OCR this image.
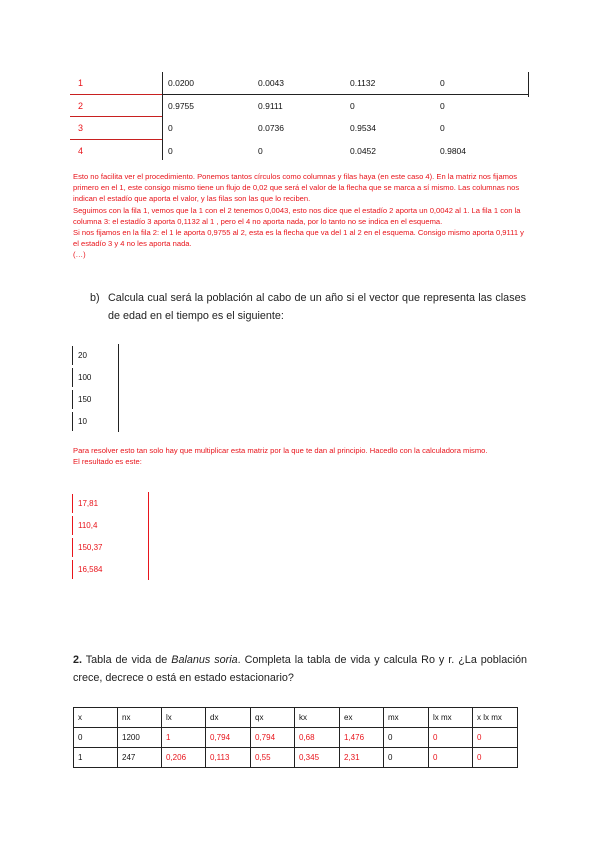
1	0.0200	0.0043	0.1132	0
2	0.9755	0.9111	0	0
3	0	0.0736	0.9534	0
4	0	0	0.0452	0.9804

Esto no facilita ver el procedimiento. Ponemos tantos círculos como columnas y filas haya (en este caso 4). En la matriz nos fijamos primero en el 1, este consigo mismo tiene un flujo de 0,02 que será el valor de la flecha que se marca a sí mismo. Las columnas nos indican el estadío que aporta el valor, y las filas son las que lo reciben.

Seguimos con la fila 1, vemos que la 1 con el 2 tenemos 0,0043, esto nos dice que el estadío 2 aporta un 0,0042 al 1. La fila 1 con la columna 3: el estadío 3 aporta 0,1132 al 1 , pero el 4 no aporta nada, por lo tanto no se indica en el esquema.

Si nos fijamos en la fila 2: el 1 le aporta 0,9755 al 2, esta es la flecha que va del 1 al 2 en el esquema. Consigo mismo aporta 0,9111 y el estadío 3 y 4 no les aporta nada.

(…)

b) Calcula cual será la población al cabo de un año si el vector que representa las clases de edad en el tiempo es el siguiente:
20
100
150
10

Para resolver esto tan solo hay que multiplicar esta matriz por la que te dan al principio. Hacedlo con la calculadora mismo.

El resultado es este:

17,81
110,4
150,37
16,584
2. Tabla de vida de Balanus soria. Completa la tabla de vida y calcula Ro y r. ¿La población crece, decrece o está en estado estacionario?
x	nx	lx	dx	qx	kx	ex	mx	lx mx	x lx mx
0	1200	1	0,794	0,794	0,68	1,476	0	0	0
1	247	0,206	0,113	0,55	0,345	2,31	0	0	0
